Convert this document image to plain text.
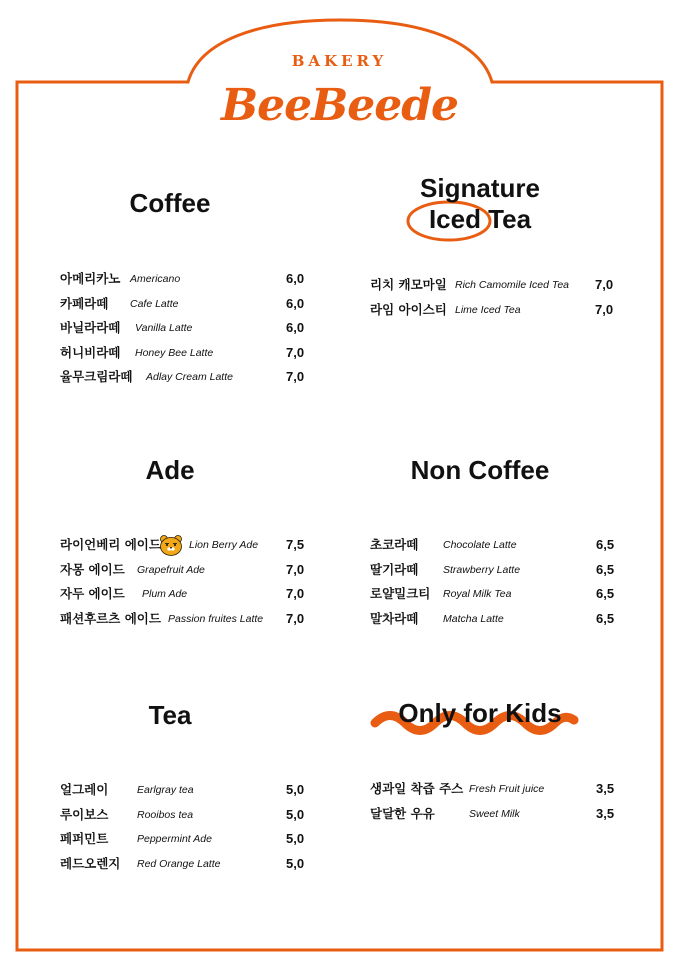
BAKERY
BeeBeede
Coffee	Signature
Iced Tea
Ade	Non Coffee
Tea	Only for Kids
아메리카노 Americano	6,0
카페라떼 Cafe Latte	6,0
바닐라라떼 Vanilla Latte	6,0
허니비라떼 Honey Bee Latte	7,0
율무크림라떼 Adlay Cream Latte	7,0
리치 캐모마일 Rich Camomile Iced Tea 7,0
라임 아이스티 Lime Iced Tea	7,0
라이언베리 에이드	Lion Berry Ade 7,5
자몽 에이드 Grapefruit Ade	7,0
자두 에이드 Plum Ade	7,0
패션후르츠 에이드 Passion fruites Latte 7,0
초코라떼 Chocolate Latte	6,5
딸기라떼 Strawberry Latte	6,5
로얄밀크티 Royal Milk Tea	6,5
말차라떼 Matcha Latte	6,5
얼그레이	Earlgray tea	5,0
루이보스	Rooibos tea	5,0
페퍼민트	Peppermint Ade	5,0
레드오렌지 Red Orange Latte	5,0
생과일 착즙 주스 Fresh Fruit juice	3,5
달달한 우유	Sweet Milk	3,5
